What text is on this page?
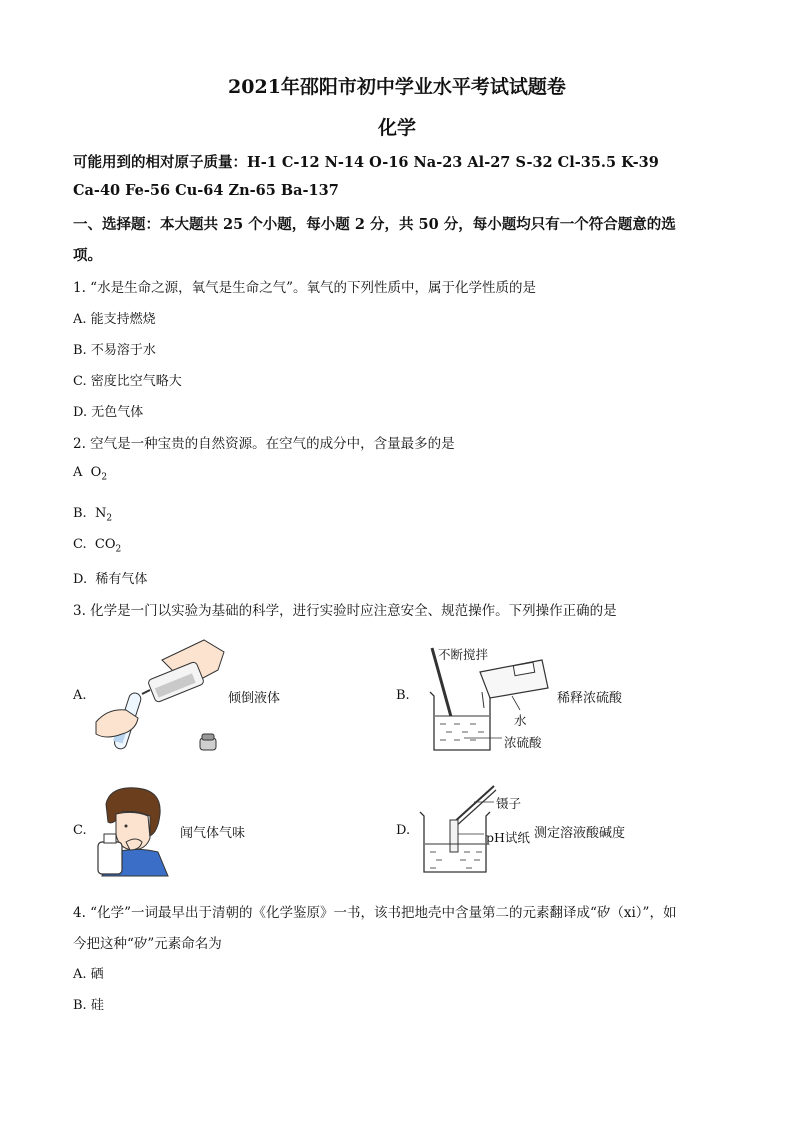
2021年邵阳市初中学业水平考试试题卷
化学
可能用到的相对原子质量：H-1 C-12 N-14 O-16 Na-23 Al-27 S-32 Cl-35.5 K-39
Ca-40 Fe-56 Cu-64 Zn-65 Ba-137
一、选择题：本大题共 25 个小题，每小题 2 分，共 50 分，每小题均只有一个符合题意的选
项。
1. “水是生命之源，氧气是生命之气”。氧气的下列性质中，属于化学性质的是
A. 能支持燃烧
B. 不易溶于水
C. 密度比空气略大
D. 无色气体
2. 空气是一种宝贵的自然资源。在空气的成分中，含量最多的是
A $O_2$
B. $N_2$
C. $CO_2$
D. 稀有气体
3. 化学是一门以实验为基础的科学，进行实验时应注意安全、规范操作。下列操作正确的是
A.	倾倒液体	B.
不断搅拌
稀释浓硫酸
水
浓硫酸
C.	闻气体气味	D.
镊子
pH试纸 测定溶液酸碱度
4. “化学”一词最早出于清朝的《化学鉴原》一书，该书把地壳中含量第二的元素翻译成“矽（xi）”，如
今把这种“矽”元素命名为
A. 硒
B. 硅
